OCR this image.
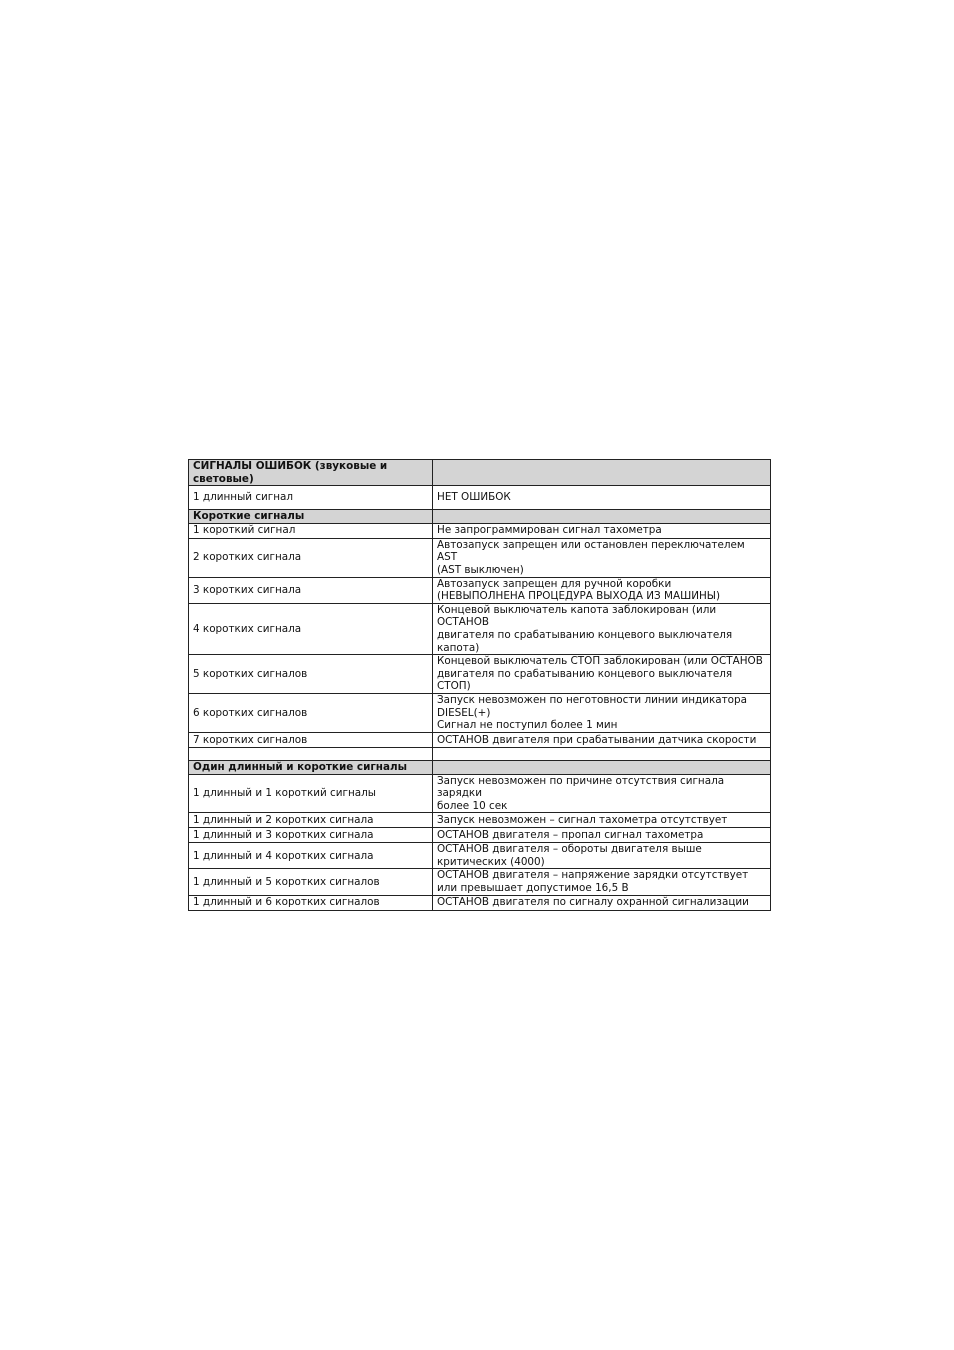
СИГНАЛЫ ОШИБОК (звуковые и световые)	
1 длинный сигнал	НЕТ ОШИБОК
Короткие сигналы	
1 короткий сигнал	Не запрограммирован сигнал тахометра
2 коротких сигнала	Автозапуск запрещен или остановлен переключателем AST
(AST выключен)
3 коротких сигнала	Автозапуск запрещен для ручной коробки
(НЕВЫПОЛНЕНА ПРОЦЕДУРА ВЫХОДА ИЗ МАШИНЫ)
4 коротких сигнала	Концевой выключатель капота заблокирован (или ОСТАНОВ
двигателя по срабатыванию концевого выключателя капота)
5 коротких сигналов	Концевой выключатель СТОП заблокирован (или ОСТАНОВ
двигателя по срабатыванию концевого выключателя СТОП)
6 коротких сигналов	Запуск невозможен по неготовности линии индикатора
DIESEL(+)
Сигнал не поступил более 1 мин
7 коротких сигналов	ОСТАНОВ двигателя при срабатывании датчика скорости

Один длинный и короткие сигналы	
1 длинный и 1 короткий сигналы	Запуск невозможен по причине отсутствия сигнала зарядки
более 10 сек
1 длинный и 2 коротких сигнала	Запуск невозможен – сигнал тахометра отсутствует
1 длинный и 3 коротких сигнала	ОСТАНОВ двигателя – пропал сигнал тахометра
1 длинный и 4 коротких сигнала	ОСТАНОВ двигателя – обороты двигателя выше
критических (4000)
1 длинный и 5 коротких сигналов	ОСТАНОВ двигателя – напряжение зарядки отсутствует
или превышает допустимое 16,5 В
1 длинный и 6 коротких сигналов	ОСТАНОВ двигателя по сигналу охранной сигнализации
